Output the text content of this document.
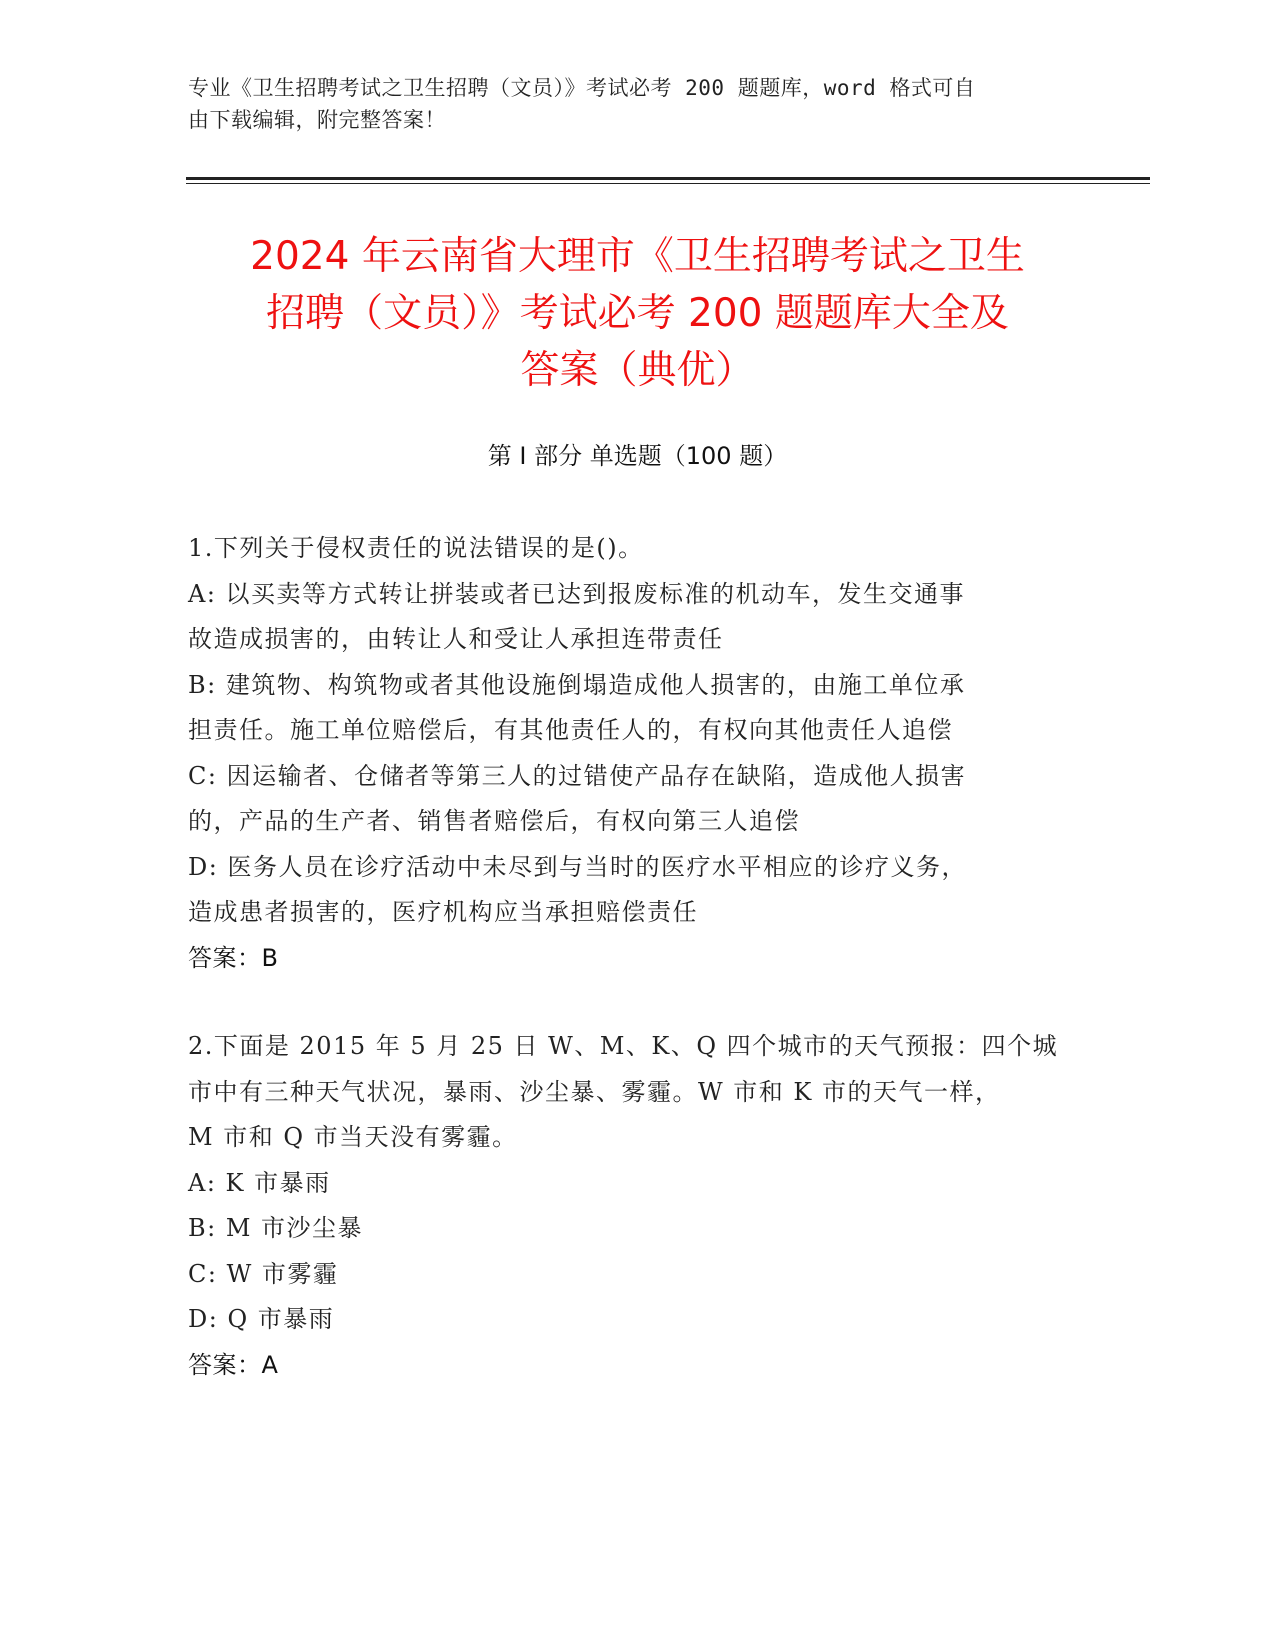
专业《卫生招聘考试之卫生招聘（文员）》考试必考 200 题题库，word 格式可自

由下载编辑，附完整答案！

2024 年云南省大理市《卫生招聘考试之卫生
招聘（文员）》考试必考 200 题题库大全及
答案（典优）
第 I 部分 单选题（100 题）

1.下列关于侵权责任的说法错误的是()。

A: 以买卖等方式转让拼装或者已达到报废标准的机动车，发生交通事

故造成损害的，由转让人和受让人承担连带责任

B: 建筑物、构筑物或者其他设施倒塌造成他人损害的，由施工单位承

担责任。施工单位赔偿后，有其他责任人的，有权向其他责任人追偿

C: 因运输者、仓储者等第三人的过错使产品存在缺陷，造成他人损害

的，产品的生产者、销售者赔偿后，有权向第三人追偿

D: 医务人员在诊疗活动中未尽到与当时的医疗水平相应的诊疗义务，

造成患者损害的，医疗机构应当承担赔偿责任

答案：B

2.下面是 2015 年 5 月 25 日 W、M、K、Q 四个城市的天气预报：四个城

市中有三种天气状况，暴雨、沙尘暴、雾霾。W 市和 K 市的天气一样，

M 市和 Q 市当天没有雾霾。

A: K 市暴雨

B: M 市沙尘暴

C: W 市雾霾

D: Q 市暴雨

答案：A
